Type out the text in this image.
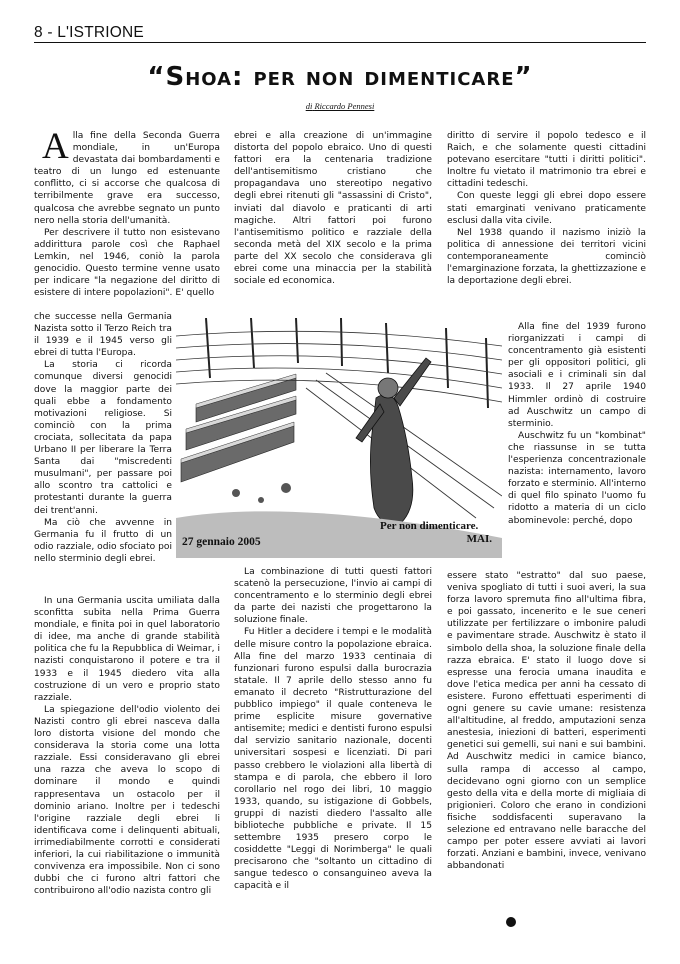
8 - L'ISTRIONE
“Shoa: per non dimenticare”
di Riccardo Pennesi

Alla fine della Seconda Guerra mondiale, in un'Europa devastata dai bombardamenti e teatro di un lungo ed estenuante conflitto, ci si accorse che qualcosa di terribilmente grave era successo, qualcosa che avrebbe segnato un punto nero nella storia dell'umanità.

Per descrivere il tutto non esistevano addirittura parole così che Raphael Lemkin, nel 1946, coniò la parola genocidio. Questo termine venne usato per indicare "la negazione del diritto di esistere di intere popolazioni". E' quello

che successe nella Germania Nazista sotto il Terzo Reich tra il 1939 e il 1945 verso gli ebrei di tutta l'Europa.

La storia ci ricorda comunque diversi genocidi dove la maggior parte dei quali ebbe a fondamento motivazioni religiose. Si cominciò con la prima crociata, sollecitata da papa Urbano II per liberare la Terra Santa dai "miscredenti musulmani", per passare poi allo scontro tra cattolici e protestanti durante la guerra dei trent'anni.

Ma ciò che avvenne in Germania fu il frutto di un odio razziale, odio sfociato poi nello sterminio degli ebrei.

In una Germania uscita umiliata dalla sconfitta subita nella Prima Guerra mondiale, e finita poi in quel laboratorio di idee, ma anche di grande stabilità politica che fu la Repubblica di Weimar, i nazisti conquistarono il potere e tra il 1933 e il 1945 diedero vita alla costruzione di un vero e proprio stato razziale.

La spiegazione dell'odio violento dei Nazisti contro gli ebrei nasceva dalla loro distorta visione del mondo che considerava la storia come una lotta razziale. Essi consideravano gli ebrei una razza che aveva lo scopo di dominare il mondo e quindi rappresentava un ostacolo per il dominio ariano. Inoltre per i tedeschi l'origine razziale degli ebrei li identificava come i delinquenti abituali, irrimediabilmente corrotti e considerati inferiori, la cui riabilitazione o immunità convivenza era impossibile. Non ci sono dubbi che ci furono altri fattori che contribuirono all'odio nazista contro gli

ebrei e alla creazione di un'immagine distorta del popolo ebraico. Uno di questi fattori era la centenaria tradizione dell'antisemitismo cristiano che propagandava uno stereotipo negativo degli ebrei ritenuti gli "assassini di Cristo", inviati dal diavolo e praticanti di arti magiche. Altri fattori poi furono l'antisemitismo politico e razziale della seconda metà del XIX secolo e la prima parte del XX secolo che considerava gli ebrei come una minaccia per la stabilità sociale ed economica.

La combinazione di tutti questi fattori scatenò la persecuzione, l'invio ai campi di concentramento e lo sterminio degli ebrei da parte dei nazisti che progettarono la soluzione finale.

Fu Hitler a decidere i tempi e le modalità delle misure contro la popolazione ebraica. Alla fine del marzo 1933 centinaia di funzionari furono espulsi dalla burocrazia statale. Il 7 aprile dello stesso anno fu emanato il decreto "Ristrutturazione del pubblico impiego" il quale conteneva le prime esplicite misure governative antisemite; medici e dentisti furono espulsi dal servizio sanitario nazionale, docenti universitari sospesi e licenziati. Di pari passo crebbero le violazioni alla libertà di stampa e di parola, che ebbero il loro corollario nel rogo dei libri, 10 maggio 1933, quando, su istigazione di Gobbels, gruppi di nazisti diedero l'assalto alle biblioteche pubbliche e private. Il 15 settembre 1935 presero corpo le cosiddette "Leggi di Norimberga" le quali precisarono che "soltanto un cittadino di sangue tedesco o consanguineo aveva la capacità e il

diritto di servire il popolo tedesco e il Raich, e che solamente questi cittadini potevano esercitare "tutti i diritti politici". Inoltre fu vietato il matrimonio tra ebrei e cittadini tedeschi.

Con queste leggi gli ebrei dopo essere stati emarginati venivano praticamente esclusi dalla vita civile.

Nel 1938 quando il nazismo iniziò la politica di annessione dei territori vicini contemporaneamente cominciò l'emarginazione forzata, la ghettizzazione e la deportazione degli ebrei.

Alla fine del 1939 furono riorganizzati i campi di concentramento già esistenti per gli oppositori politici, gli asociali e i criminali sin dal 1933. Il 27 aprile 1940 Himmler ordinò di costruire ad Auschwitz un campo di sterminio.

Auschwitz fu un "kombinat" che riassunse in se tutta l'esperienza concentrazionale nazista: internamento, lavoro forzato e sterminio. All'interno di quel filo spinato l'uomo fu ridotto a materia di un ciclo abominevole: perché, dopo

essere stato "estratto" dal suo paese, veniva spogliato di tutti i suoi averi, la sua forza lavoro spremuta fino all'ultima fibra, e poi gassato, incenerito e le sue ceneri utilizzate per fertilizzare o imbonire paludi e pavimentare strade. Auschwitz è stato il simbolo della shoa, la soluzione finale della razza ebraica. E' stato il luogo dove si espresse una ferocia umana inaudita e dove l'etica medica per anni ha cessato di esistere. Furono effettuati esperimenti di ogni genere su cavie umane: resistenza all'altitudine, al freddo, amputazioni senza anestesia, iniezioni di batteri, esperimenti genetici sui gemelli, sui nani e sui bambini. Ad Auschwitz medici in camice bianco, sulla rampa di accesso al campo, decidevano ogni giorno con un semplice gesto della vita e della morte di migliaia di prigionieri. Coloro che erano in condizioni fisiche soddisfacenti superavano la selezione ed entravano nelle baracche del campo per poter essere avviati ai lavori forzati. Anziani e bambini, invece, venivano abbandonati

27 gennaio 2005
Per non dimenticare.
MAI.
